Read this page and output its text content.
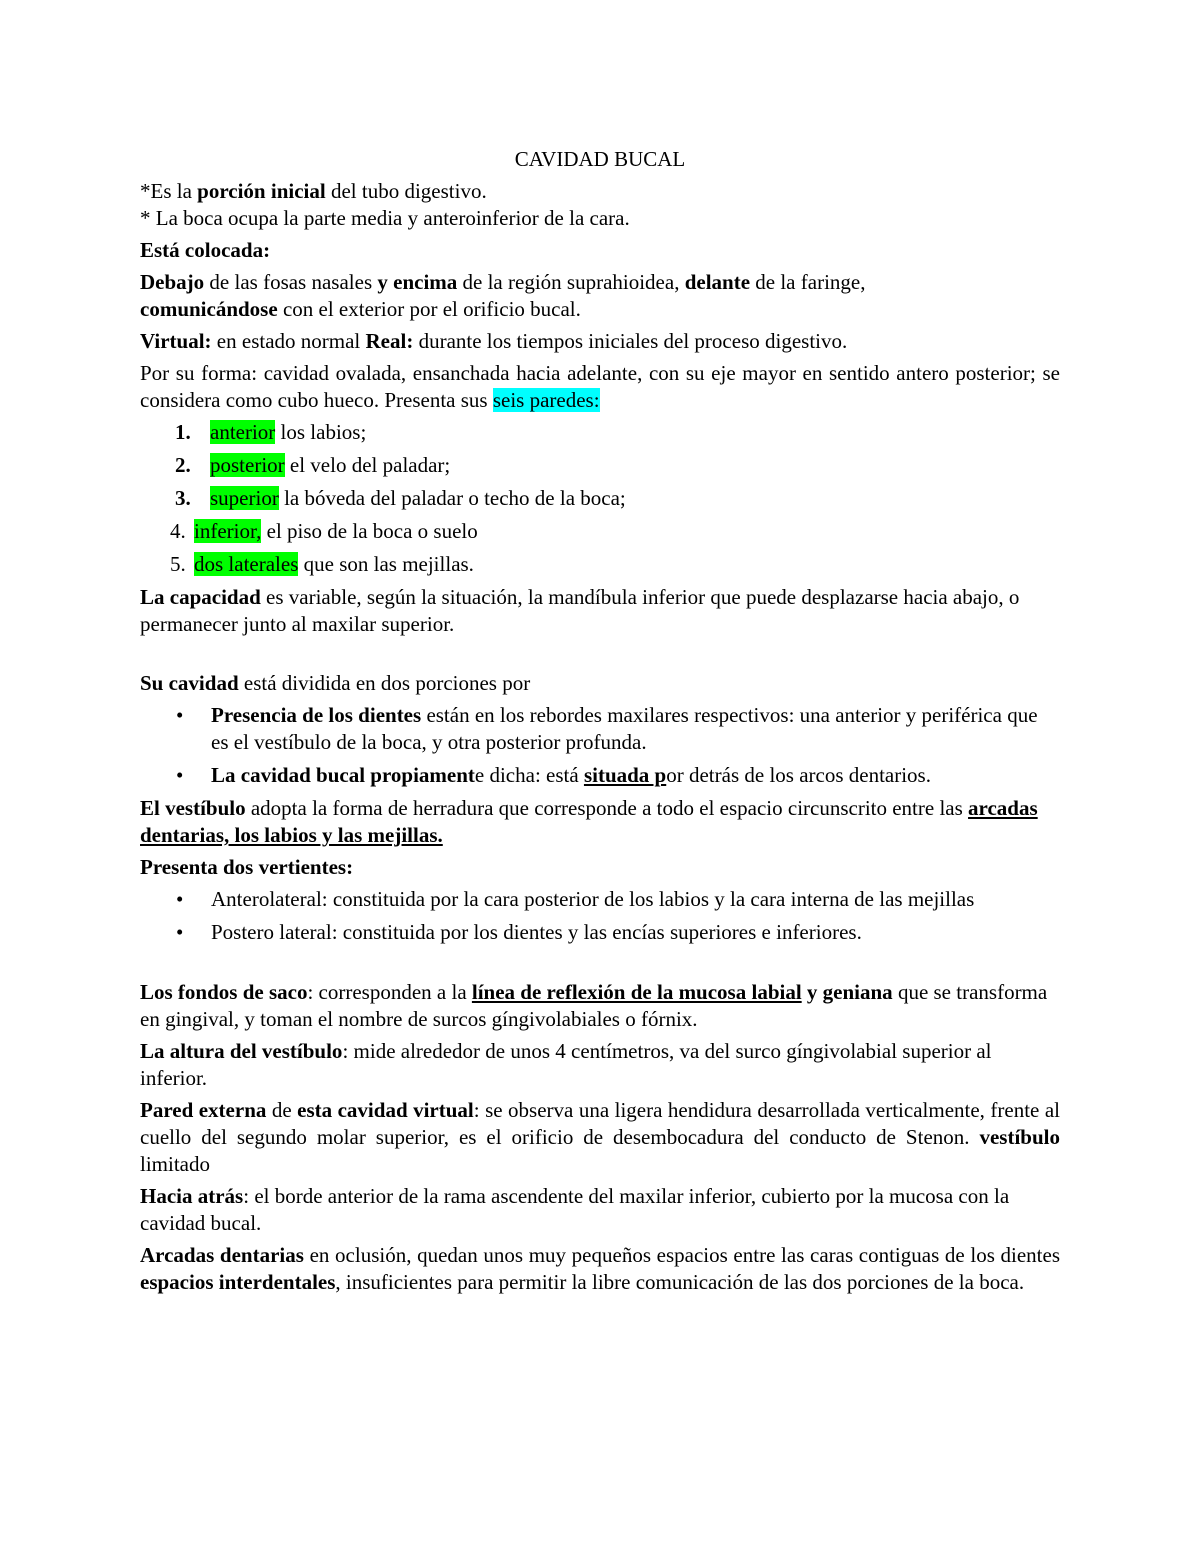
CAVIDAD BUCAL

*Es la porción inicial del tubo digestivo.

* La boca ocupa la parte media y anteroinferior de la cara.

Está colocada:

Debajo de las fosas nasales y encima de la región suprahioidea, delante de la faringe,
comunicándose con el exterior por el orificio bucal.

Virtual: en estado normal Real: durante los tiempos iniciales del proceso digestivo.

Por su forma: cavidad ovalada, ensanchada hacia adelante, con su eje mayor en sentido antero posterior; se considera como cubo hueco. Presenta sus seis paredes:

1. anterior los labios;
2. posterior el velo del paladar;
3. superior la bóveda del paladar o techo de la boca;
4. inferior, el piso de la boca o suelo
5. dos laterales que son las mejillas.

La capacidad es variable, según la situación, la mandíbula inferior que puede desplazarse hacia abajo, o permanecer junto al maxilar superior.

Su cavidad está dividida en dos porciones por

• Presencia de los dientes están en los rebordes maxilares respectivos: una anterior y periférica que es el vestíbulo de la boca, y otra posterior profunda.
• La cavidad bucal propiamente dicha: está situada por detrás de los arcos dentarios.

El vestíbulo adopta la forma de herradura que corresponde a todo el espacio circunscrito entre las arcadas dentarias, los labios y las mejillas.

Presenta dos vertientes:

• Anterolateral: constituida por la cara posterior de los labios y la cara interna de las mejillas
• Postero lateral: constituida por los dientes y las encías superiores e inferiores.

Los fondos de saco: corresponden a la línea de reflexión de la mucosa labial y geniana que se transforma en gingival, y toman el nombre de surcos gíngivolabiales o fórnix.

La altura del vestíbulo: mide alrededor de unos 4 centímetros, va del surco gíngivolabial superior al inferior.

Pared externa de esta cavidad virtual: se observa una ligera hendidura desarrollada verticalmente, frente al cuello del segundo molar superior, es el orificio de desembocadura del conducto de Stenon. vestíbulo limitado

Hacia atrás: el borde anterior de la rama ascendente del maxilar inferior, cubierto por la mucosa con la cavidad bucal.

Arcadas dentarias en oclusión, quedan unos muy pequeños espacios entre las caras contiguas de los dientes espacios interdentales, insuficientes para permitir la libre comunicación de las dos porciones de la boca.
